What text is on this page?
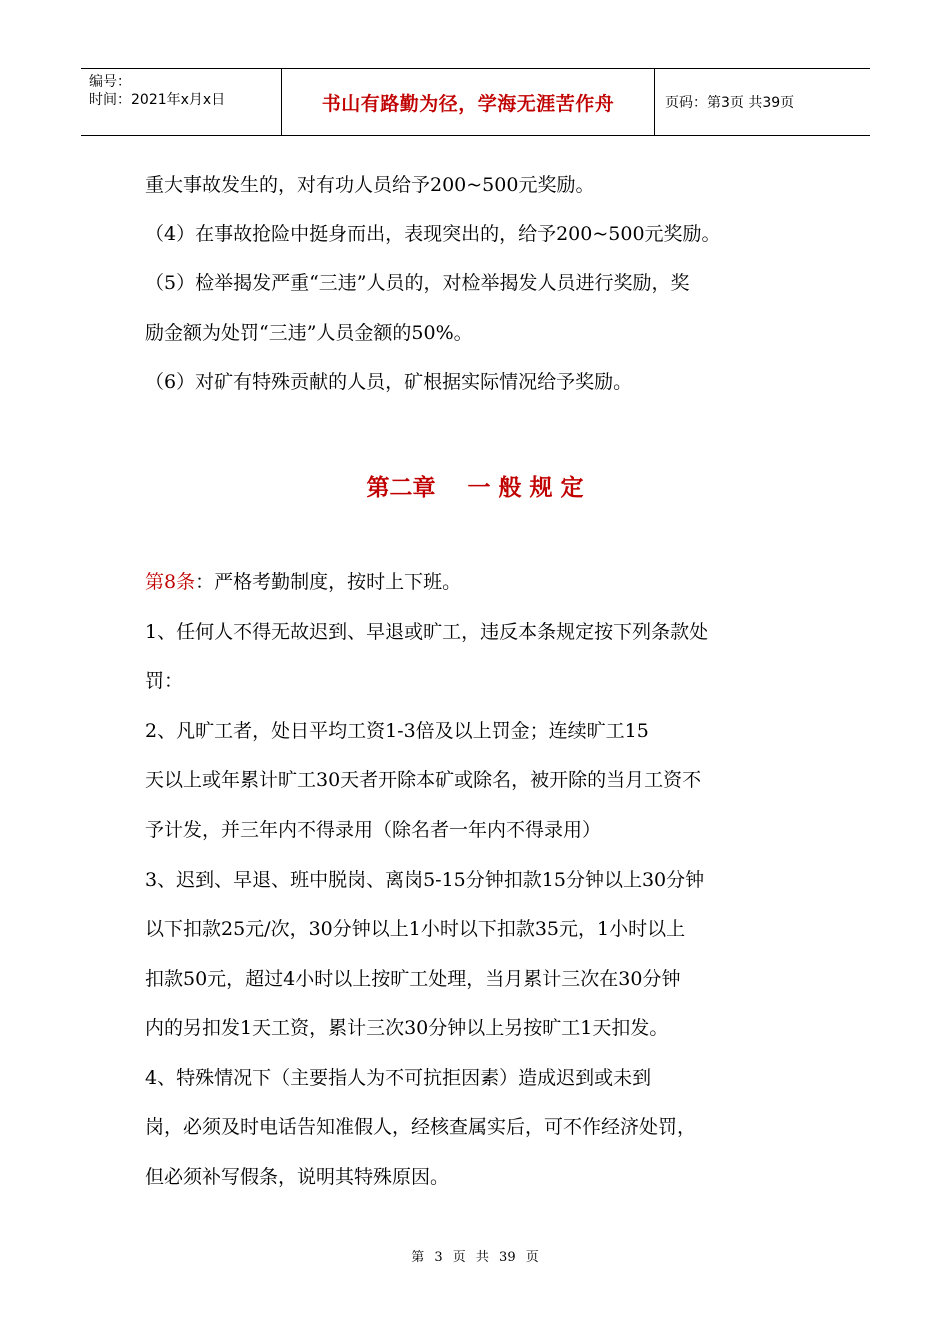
编号：
时间：2021年x月x日	书山有路勤为径，学海无涯苦作舟	页码：第3页 共39页
重大事故发生的，对有功人员给予200~500元奖励。
（4）在事故抢险中挺身而出，表现突出的，给予200~500元奖励。
（5）检举揭发严重“三违”人员的，对检举揭发人员进行奖励，奖
励金额为处罚“三违”人员金额的50%。
（6）对矿有特殊贡献的人员，矿根据实际情况给予奖励。
第二章    一 般 规 定
第8条：严格考勤制度，按时上下班。
1、任何人不得无故迟到、早退或旷工，违反本条规定按下列条款处
罚：
2、凡旷工者，处日平均工资1-3倍及以上罚金；连续旷工15
天以上或年累计旷工30天者开除本矿或除名，被开除的当月工资不
予计发，并三年内不得录用（除名者一年内不得录用）
3、迟到、早退、班中脱岗、离岗5-15分钟扣款15分钟以上30分钟
以下扣款25元/次，30分钟以上1小时以下扣款35元，1小时以上
扣款50元，超过4小时以上按旷工处理，当月累计三次在30分钟
内的另扣发1天工资，累计三次30分钟以上另按旷工1天扣发。
4、特殊情况下（主要指人为不可抗拒因素）造成迟到或未到
岗，必须及时电话告知准假人，经核查属实后，可不作经济处罚，
但必须补写假条，说明其特殊原因。
第 3 页 共 39 页
